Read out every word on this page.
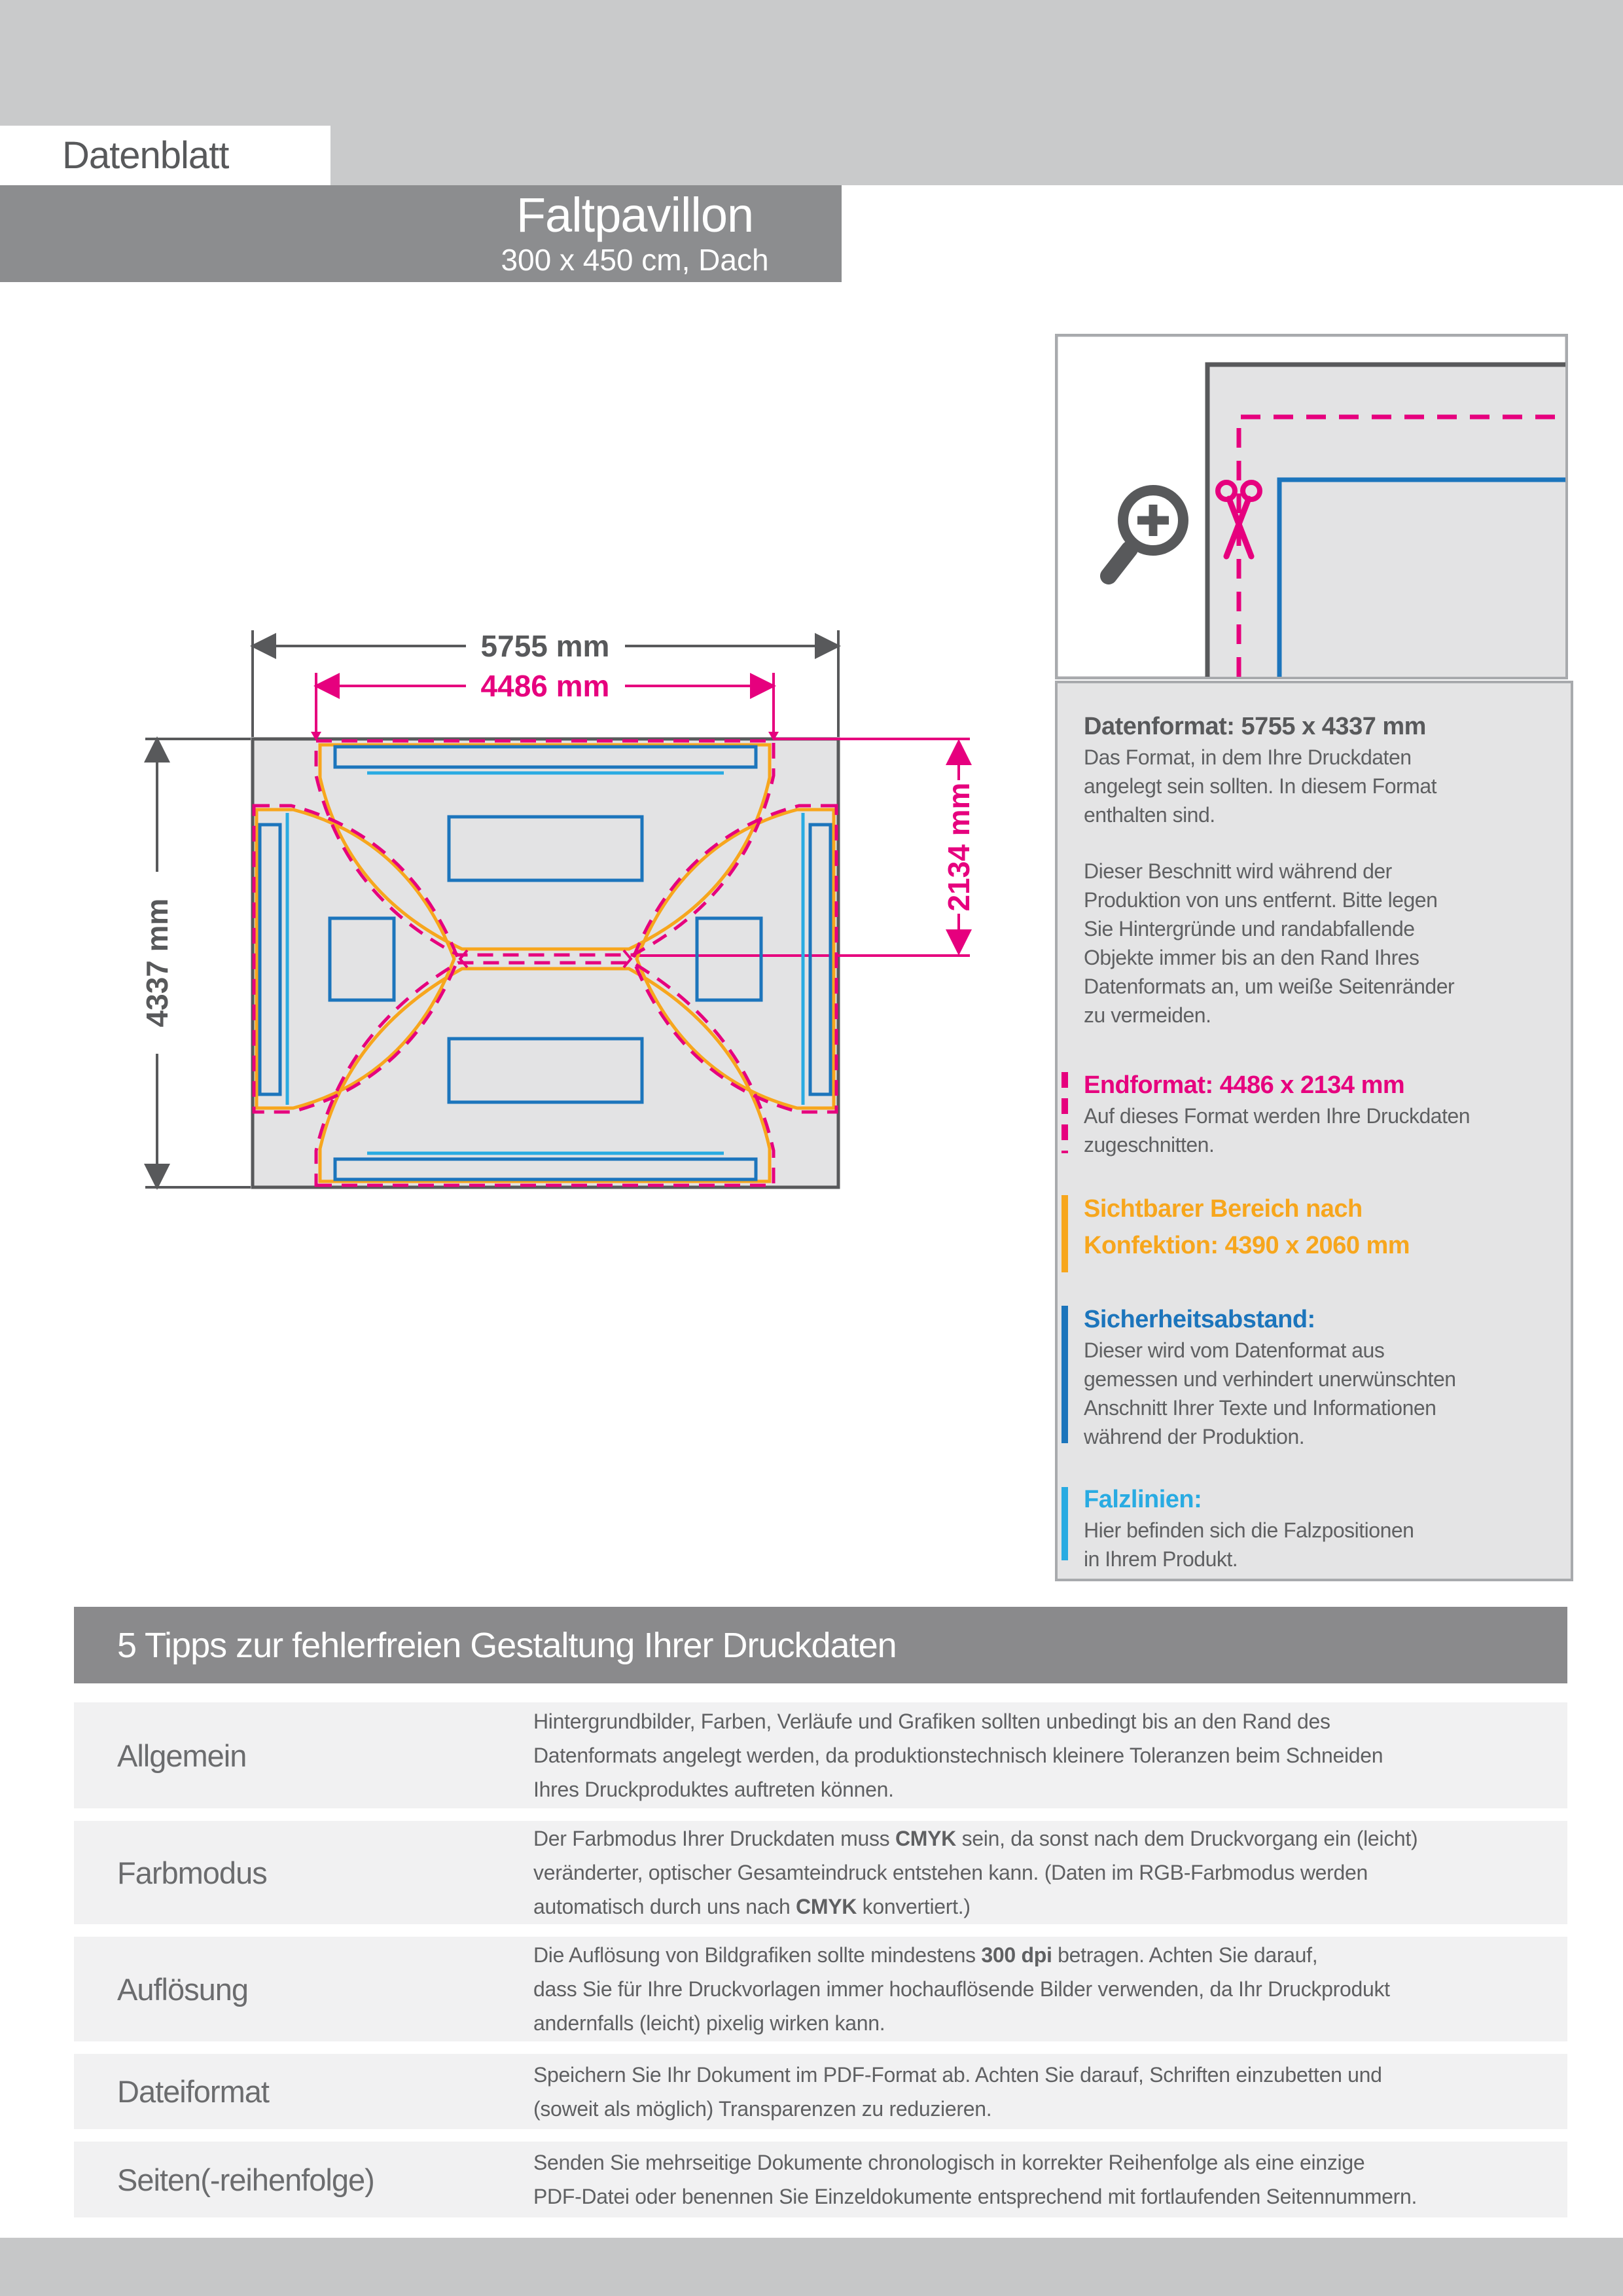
Datenblatt
Faltpavillon
300 x 450 cm, Dach
5755 mm
4486 mm
4337 mm
2134 mm
Datenformat: 5755 x 4337 mm
Das Format, in dem Ihre Druckdaten
angelegt sein sollten. In diesem Format
enthalten sind.
Dieser Beschnitt wird während der
Produktion von uns entfernt. Bitte legen
Sie Hintergründe und randabfallende
Objekte immer bis an den Rand Ihres
Datenformats an, um weiße Seitenränder
zu vermeiden.
Endformat: 4486 x 2134 mm
Auf dieses Format werden Ihre Druckdaten
zugeschnitten.
Sichtbarer Bereich nach
Konfektion: 4390 x 2060 mm
Sicherheitsabstand:
Dieser wird vom Datenformat aus
gemessen und verhindert unerwünschten
Anschnitt Ihrer Texte und Informationen
während der Produktion.
Falzlinien:
Hier befinden sich die Falzpositionen
in Ihrem Produkt.
5 Tipps zur fehlerfreien Gestaltung Ihrer Druckdaten
Allgemein
Hintergrundbilder, Farben, Verläufe und Grafiken sollten unbedingt bis an den Rand des
Datenformats angelegt werden, da produktionstechnisch kleinere Toleranzen beim Schneiden
Ihres Druckproduktes auftreten können.
Farbmodus
Der Farbmodus Ihrer Druckdaten muss CMYK sein, da sonst nach dem Druckvorgang ein (leicht)
veränderter, optischer Gesamteindruck entstehen kann. (Daten im RGB-Farbmodus werden
automatisch durch uns nach CMYK konvertiert.)
Auflösung
Die Auflösung von Bildgrafiken sollte mindestens 300 dpi betragen. Achten Sie darauf,
dass Sie für Ihre Druckvorlagen immer hochauflösende Bilder verwenden, da Ihr Druckprodukt
andernfalls (leicht) pixelig wirken kann.
Dateiformat	Speichern Sie Ihr Dokument im PDF-Format ab. Achten Sie darauf, Schriften einzubetten und
(soweit als möglich) Transparenzen zu reduzieren.
Seiten(-reihenfolge)	Senden Sie mehrseitige Dokumente chronologisch in korrekter Reihenfolge als eine einzige
PDF-Datei oder benennen Sie Einzeldokumente entsprechend mit fortlaufenden Seitennummern.
